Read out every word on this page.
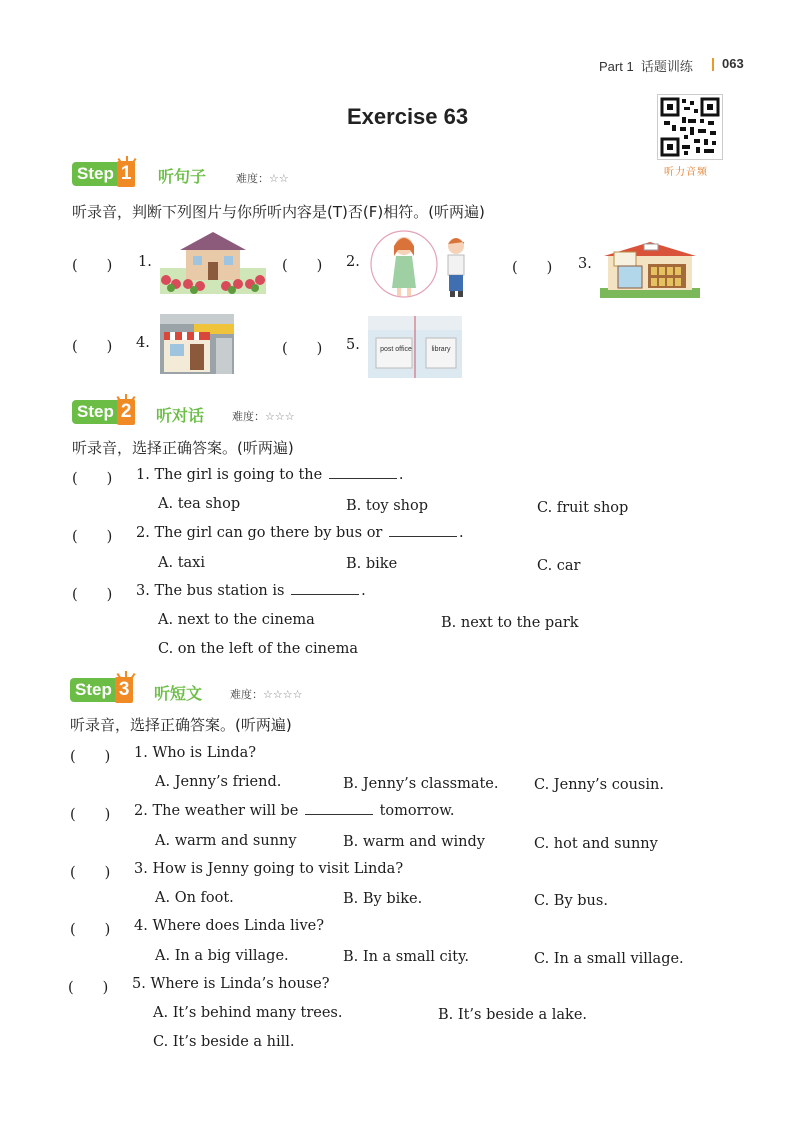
Part 1 话题训练 063
Exercise 63
听力音频
Step 1 听句子	难度：☆☆
听录音，判断下列图片与你所听内容是(T)否(F)相符。(听两遍)
(　　) 1.	(　　) 2.	(　　) 3.
(　　) 4.	(　　) 5.	post office	library
Step 2 听对话	难度：☆☆☆
听录音，选择正确答案。(听两遍)
(　　) 1. The girl is going to the	.
A. tea shop	B. toy shop	C. fruit shop
(　　) 2. The girl can go there by bus or	.
A. taxi	B. bike	C. car
(　　) 3. The bus station is	.
A. next to the cinema	B. next to the park
C. on the left of the cinema
Step 3 听短文	难度：☆☆☆☆
听录音，选择正确答案。(听两遍)
(　　) 1. Who is Linda?
A. Jenny’s friend.	B. Jenny’s classmate. C. Jenny’s cousin.
(　　) 2. The weather will be	tomorrow.
A. warm and sunny	B. warm and windy	C. hot and sunny
(　　) 3. How is Jenny going to visit Linda?
A. On foot.	B. By bike.	C. By bus.
(　　) 4. Where does Linda live?
A. In a big village.	B. In a small city.	C. In a small village.
(　　) 5. Where is Linda’s house?
A. It’s behind many trees.	B. It’s beside a lake.
C. It’s beside a hill.
